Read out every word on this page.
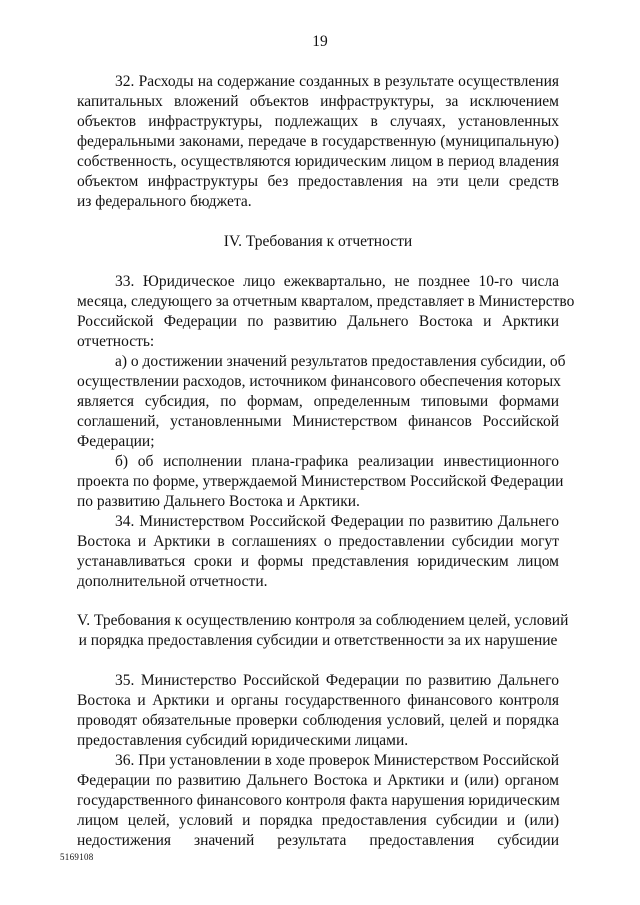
19
32. Расходы на содержание созданных в результате осуществления
капитальных вложений объектов инфраструктуры, за исключением
объектов инфраструктуры, подлежащих в случаях, установленных
федеральными законами, передаче в государственную (муниципальную)
собственность, осуществляются юридическим лицом в период владения
объектом инфраструктуры без предоставления на эти цели средств
из федерального бюджета.
IV. Требования к отчетности
33. Юридическое лицо ежеквартально, не позднее 10-го числа
месяца, следующего за отчетным кварталом, представляет в Министерство
Российской Федерации по развитию Дальнего Востока и Арктики
отчетность:
а) о достижении значений результатов предоставления субсидии, об
осуществлении расходов, источником финансового обеспечения которых
является субсидия, по формам, определенным типовыми формами
соглашений, установленными Министерством финансов Российской
Федерации;
б) об исполнении плана-графика реализации инвестиционного
проекта по форме, утверждаемой Министерством Российской Федерации
по развитию Дальнего Востока и Арктики.
34. Министерством Российской Федерации по развитию Дальнего
Востока и Арктики в соглашениях о предоставлении субсидии могут
устанавливаться сроки и формы представления юридическим лицом
дополнительной отчетности.
V. Требования к осуществлению контроля за соблюдением целей, условий
и порядка предоставления субсидии и ответственности за их нарушение
35. Министерство Российской Федерации по развитию Дальнего
Востока и Арктики и органы государственного финансового контроля
проводят обязательные проверки соблюдения условий, целей и порядка
предоставления субсидий юридическими лицами.
36. При установлении в ходе проверок Министерством Российской
Федерации по развитию Дальнего Востока и Арктики и (или) органом
государственного финансового контроля факта нарушения юридическим
лицом целей, условий и порядка предоставления субсидии и (или)
недостижения значений результата предоставления субсидии
5169108
